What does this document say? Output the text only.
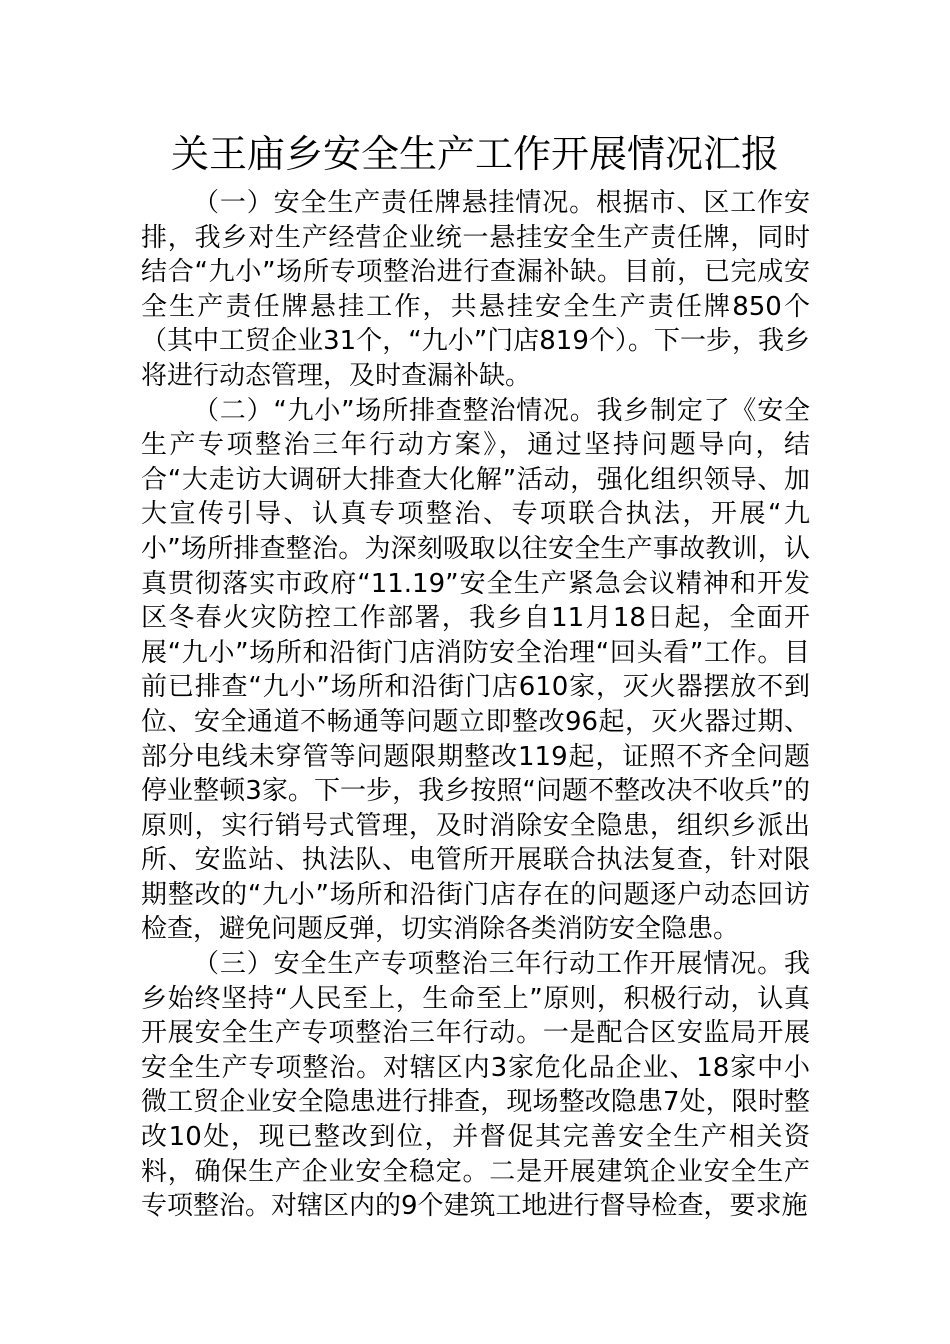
关王庙乡安全生产工作开展情况汇报

（一）安全生产责任牌悬挂情况。根据市、区工作安排，我乡对生产经营企业统一悬挂安全生产责任牌，同时结合“九小”场所专项整治进行查漏补缺。目前，已完成安全生产责任牌悬挂工作，共悬挂安全生产责任牌850个（其中工贸企业31个，“九小”门店819个）。下一步，我乡将进行动态管理，及时查漏补缺。

（二）“九小”场所排查整治情况。我乡制定了《安全生产专项整治三年行动方案》，通过坚持问题导向，结合“大走访大调研大排查大化解”活动，强化组织领导、加大宣传引导、认真专项整治、专项联合执法，开展“九小”场所排查整治。为深刻吸取以往安全生产事故教训，认真贯彻落实市政府“11.19”安全生产紧急会议精神和开发区冬春火灾防控工作部署，我乡自11月18日起，全面开展“九小”场所和沿街门店消防安全治理“回头看”工作。目前已排查“九小”场所和沿街门店610家，灭火器摆放不到位、安全通道不畅通等问题立即整改96起，灭火器过期、部分电线未穿管等问题限期整改119起，证照不齐全问题停业整顿3家。下一步，我乡按照“问题不整改决不收兵”的原则，实行销号式管理，及时消除安全隐患，组织乡派出所、安监站、执法队、电管所开展联合执法复查，针对限期整改的“九小”场所和沿街门店存在的问题逐户动态回访检查，避免问题反弹，切实消除各类消防安全隐患。

（三）安全生产专项整治三年行动工作开展情况。我乡始终坚持“人民至上，生命至上”原则，积极行动，认真开展安全生产专项整治三年行动。一是配合区安监局开展安全生产专项整治。对辖区内3家危化品企业、18家中小微工贸企业安全隐患进行排查，现场整改隐患7处，限时整改10处，现已整改到位，并督促其完善安全生产相关资料，确保生产企业安全稳定。二是开展建筑企业安全生产专项整治。对辖区内的9个建筑工地进行督导检查，要求施
